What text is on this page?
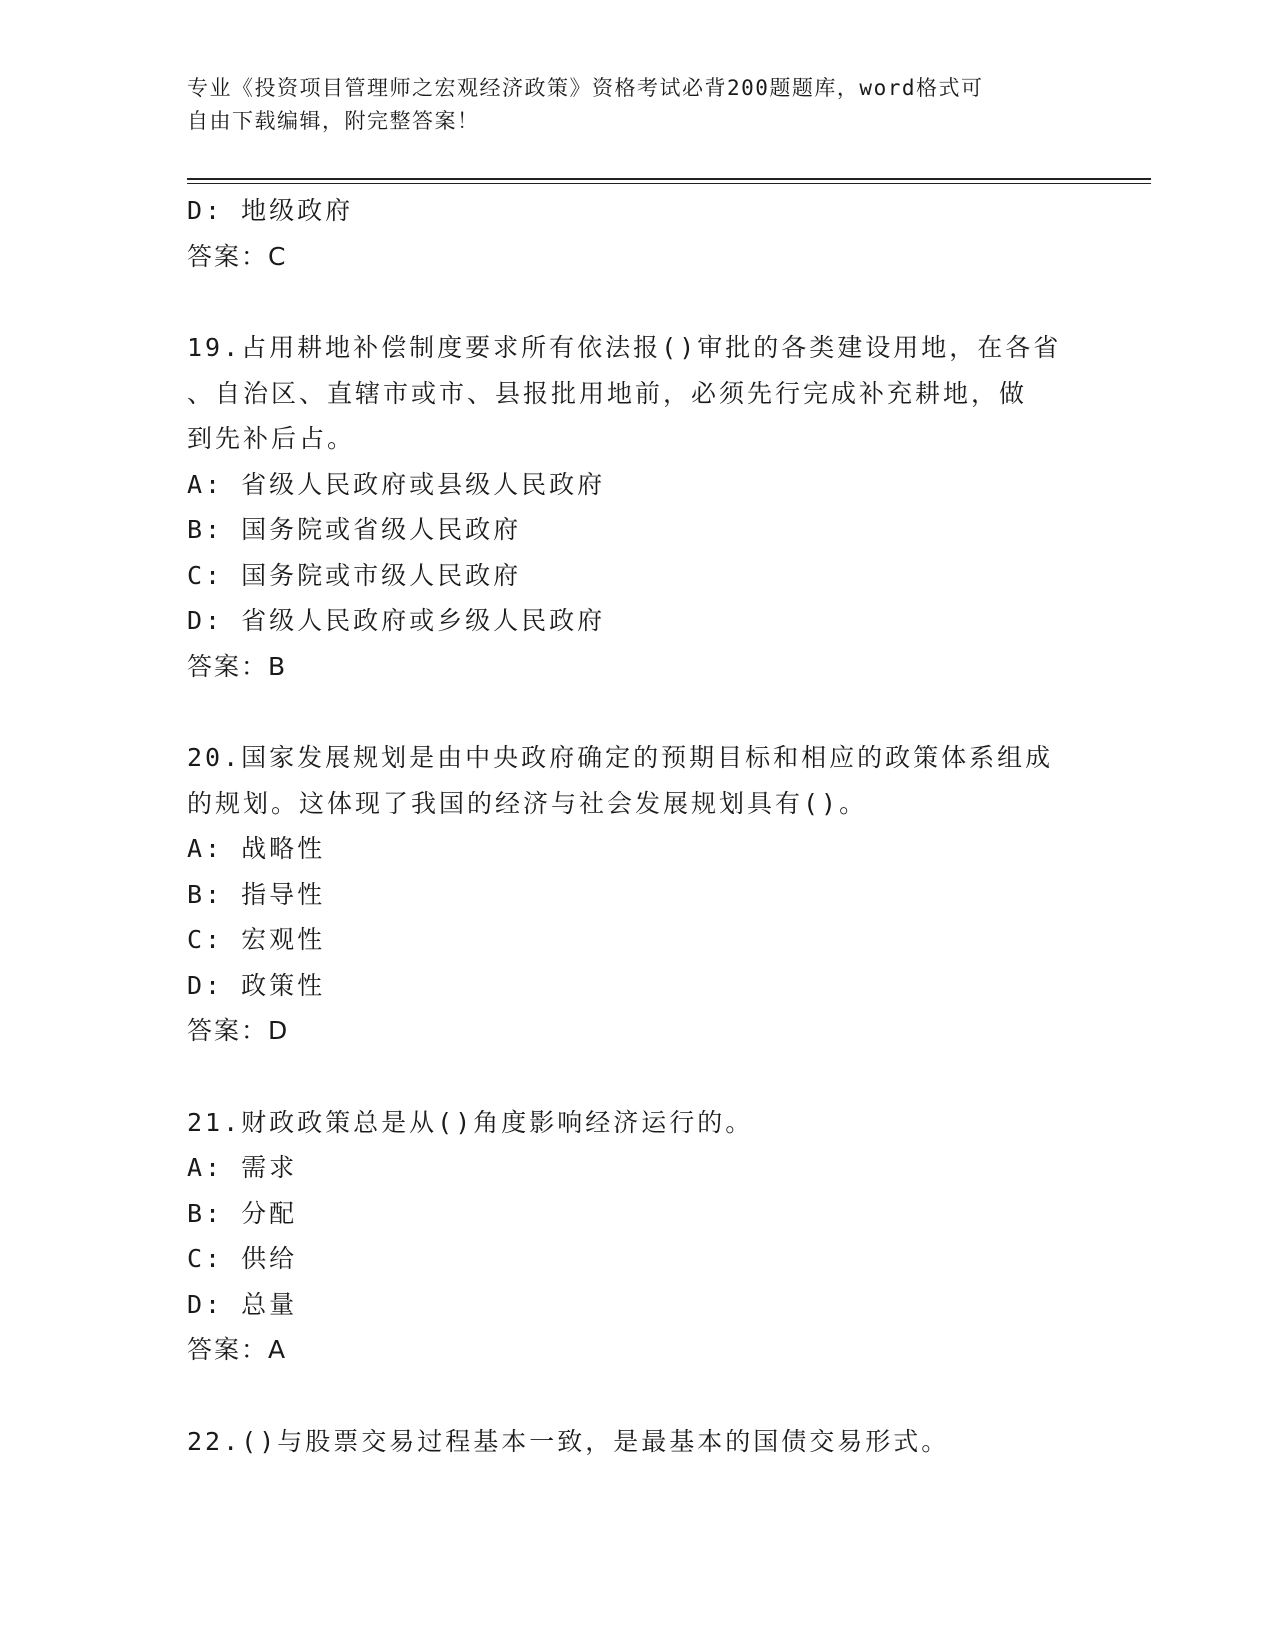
专业《投资项目管理师之宏观经济政策》资格考试必背200题题库，word格式可
自由下载编辑，附完整答案！
D: 地级政府
答案：C
19.占用耕地补偿制度要求所有依法报()审批的各类建设用地，在各省
、自治区、直辖市或市、县报批用地前，必须先行完成补充耕地，做
到先补后占。
A: 省级人民政府或县级人民政府
B: 国务院或省级人民政府
C: 国务院或市级人民政府
D: 省级人民政府或乡级人民政府
答案：B
20.国家发展规划是由中央政府确定的预期目标和相应的政策体系组成
的规划。这体现了我国的经济与社会发展规划具有()。
A: 战略性
B: 指导性
C: 宏观性
D: 政策性
答案：D
21.财政政策总是从()角度影响经济运行的。
A: 需求
B: 分配
C: 供给
D: 总量
答案：A
22.()与股票交易过程基本一致，是最基本的国债交易形式。
